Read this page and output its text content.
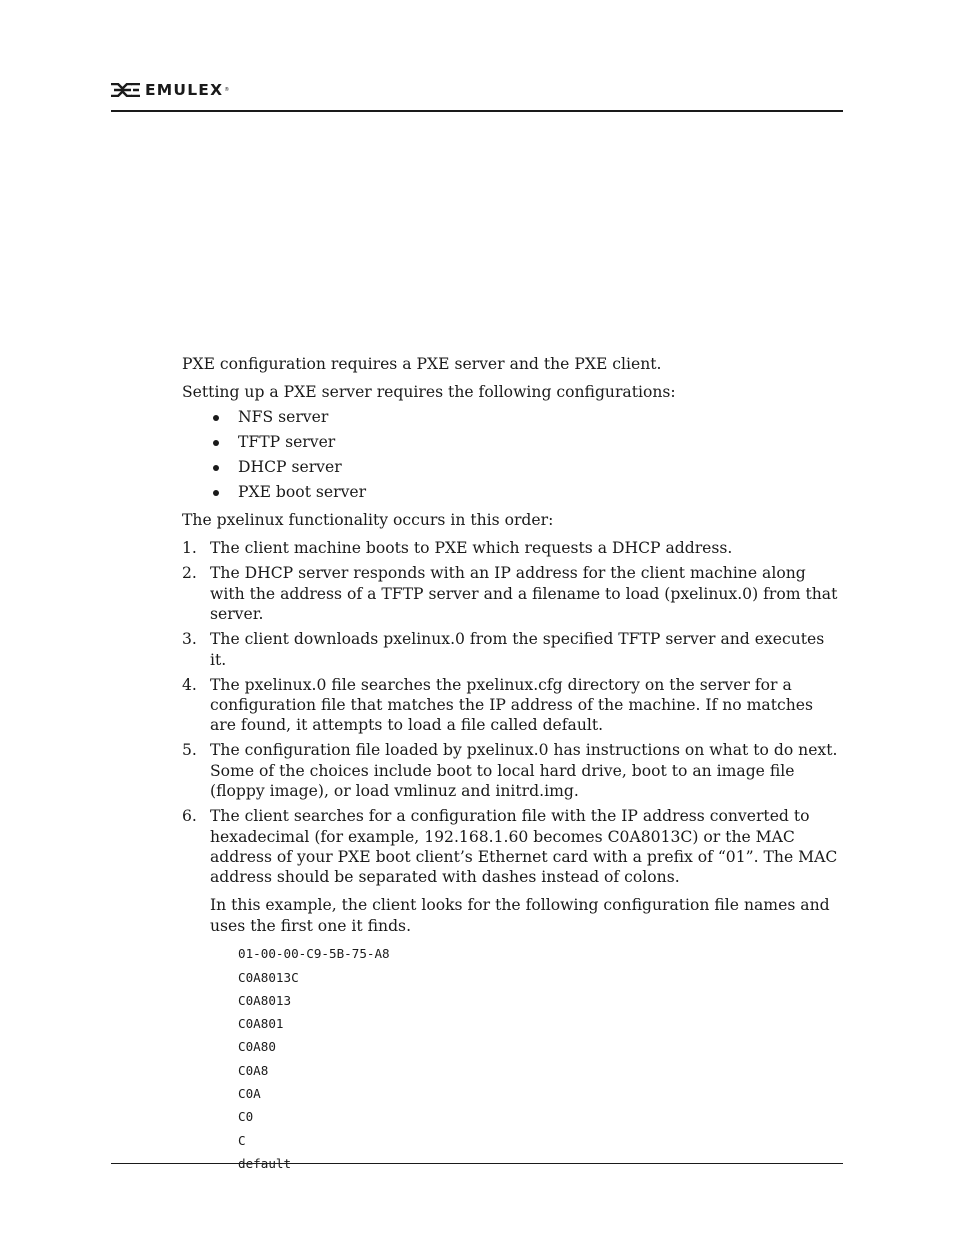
EMULEX ®

PXE configuration requires a PXE server and the PXE client.

Setting up a PXE server requires the following configurations:

NFS server
TFTP server
DHCP server
PXE boot server

The pxelinux functionality occurs in this order:

1. The client machine boots to PXE which requests a DHCP address.
2. The DHCP server responds with an IP address for the client machine along with the address of a TFTP server and a filename to load (pxelinux.0) from that server.
3. The client downloads pxelinux.0 from the specified TFTP server and executes it.
4. The pxelinux.0 file searches the pxelinux.cfg directory on the server for a configuration file that matches the IP address of the machine. If no matches are found, it attempts to load a file called default.
5. The configuration file loaded by pxelinux.0 has instructions on what to do next. Some of the choices include boot to local hard drive, boot to an image file (floppy image), or load vmlinuz and initrd.img.
6. The client searches for a configuration file with the IP address converted to hexadecimal (for example, 192.168.1.60 becomes C0A8013C) or the MAC address of your PXE boot client’s Ethernet card with a prefix of “01”. The MAC address should be separated with dashes instead of colons.

In this example, the client looks for the following configuration file names and uses the first one it finds.

01-00-00-C9-5B-75-A8
C0A8013C
C0A8013
C0A801
C0A80
C0A8
C0A
C0
C
default
